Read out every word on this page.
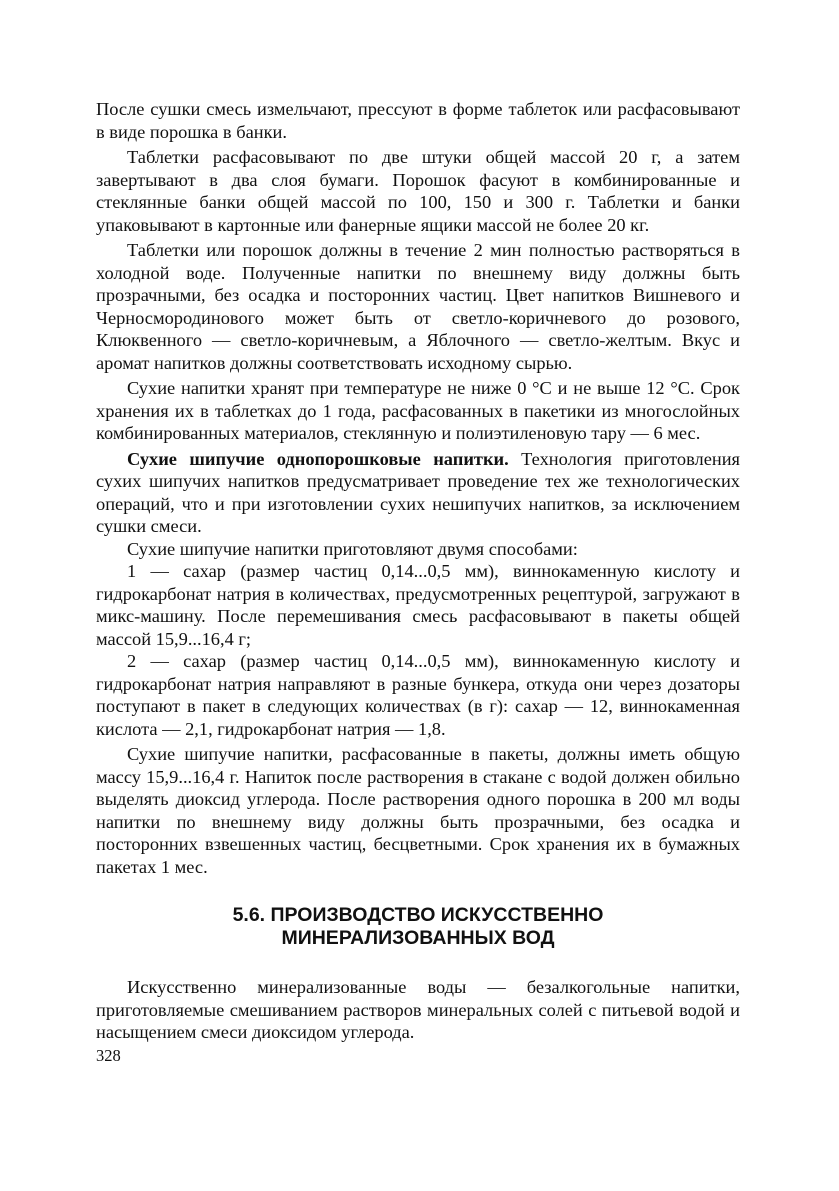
После сушки смесь измельчают, прессуют в форме таблеток или расфасовывают в виде порошка в банки.

Таблетки расфасовывают по две штуки общей массой 20 г, а затем завертывают в два слоя бумаги. Порошок фасуют в комбинированные и стеклянные банки общей массой по 100, 150 и 300 г. Таблетки и банки упаковывают в картонные или фанерные ящики массой не более 20 кг.

Таблетки или порошок должны в течение 2 мин полностью растворяться в холодной воде. Полученные напитки по внешнему виду должны быть прозрачными, без осадка и посторонних частиц. Цвет напитков Вишневого и Черносмородинового может быть от светло-коричневого до розового, Клюквенного — светло-коричневым, а Яблочного — светло-желтым. Вкус и аромат напитков должны соответствовать исходному сырью.

Сухие напитки хранят при температуре не ниже 0 °С и не выше 12 °С. Срок хранения их в таблетках до 1 года, расфасованных в пакетики из многослойных комбинированных материалов, стеклянную и полиэтиленовую тару — 6 мес.

Сухие шипучие однопорошковые напитки. Технология приготовления сухих шипучих напитков предусматривает проведение тех же технологических операций, что и при изготовлении сухих нешипучих напитков, за исключением сушки смеси.

Сухие шипучие напитки приготовляют двумя способами:

1 — сахар (размер частиц 0,14...0,5 мм), виннокаменную кислоту и гидрокарбонат натрия в количествах, предусмотренных рецептурой, загружают в микс-машину. После перемешивания смесь расфасовывают в пакеты общей массой 15,9...16,4 г;

2 — сахар (размер частиц 0,14...0,5 мм), виннокаменную кислоту и гидрокарбонат натрия направляют в разные бункера, откуда они через дозаторы поступают в пакет в следующих количествах (в г): сахар — 12, виннокаменная кислота — 2,1, гидрокарбонат натрия — 1,8.

Сухие шипучие напитки, расфасованные в пакеты, должны иметь общую массу 15,9...16,4 г. Напиток после растворения в стакане с водой должен обильно выделять диоксид углерода. После растворения одного порошка в 200 мл воды напитки по внешнему виду должны быть прозрачными, без осадка и посторонних взвешенных частиц, бесцветными. Срок хранения их в бумажных пакетах 1 мес.

5.6. ПРОИЗВОДСТВО ИСКУССТВЕННО
МИНЕРАЛИЗОВАННЫХ ВОД

Искусственно минерализованные воды — безалкогольные напитки, приготовляемые смешиванием растворов минеральных солей с питьевой водой и насыщением смеси диоксидом углерода.

328
